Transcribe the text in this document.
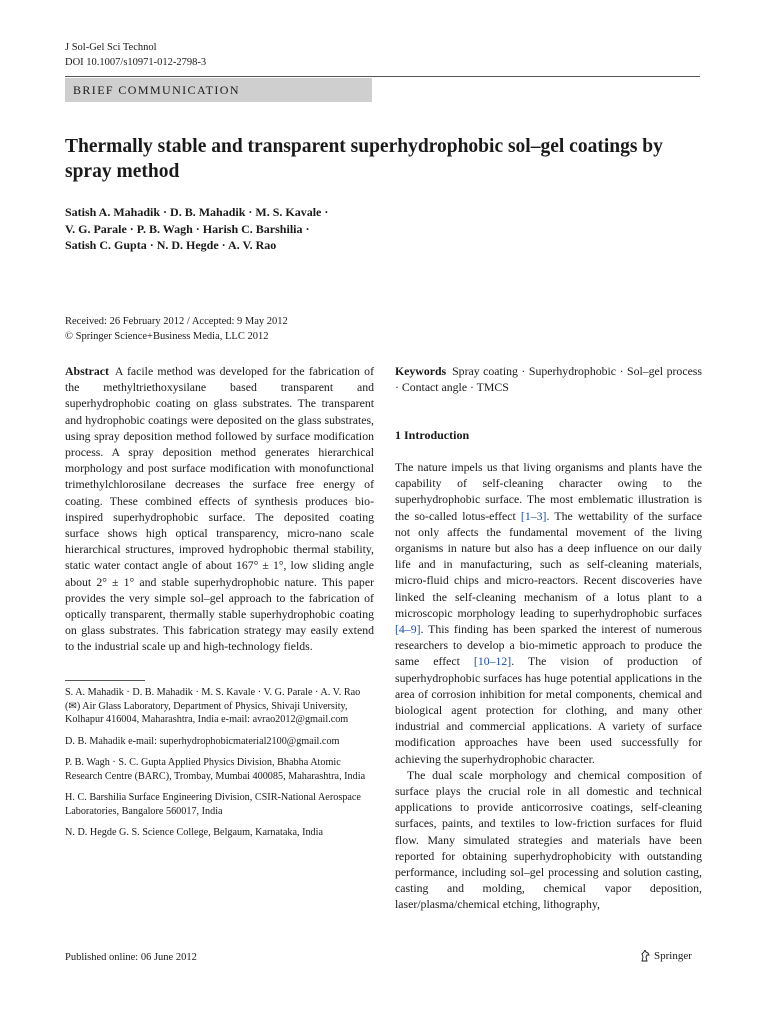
J Sol-Gel Sci Technol
DOI 10.1007/s10971-012-2798-3
BRIEF COMMUNICATION
Thermally stable and transparent superhydrophobic sol–gel coatings by spray method
Satish A. Mahadik · D. B. Mahadik · M. S. Kavale ·
V. G. Parale · P. B. Wagh · Harish C. Barshilia ·
Satish C. Gupta · N. D. Hegde · A. V. Rao
Received: 26 February 2012 / Accepted: 9 May 2012
© Springer Science+Business Media, LLC 2012
Abstract A facile method was developed for the fabrication of the methyltriethoxysilane based transparent and superhydrophobic coating on glass substrates. The transparent and hydrophobic coatings were deposited on the glass substrates, using spray deposition method followed by surface modification process. A spray deposition method generates hierarchical morphology and post surface modification with monofunctional trimethylchlorosilane decreases the surface free energy of coating. These combined effects of synthesis produces bio-inspired superhydrophobic surface. The deposited coating surface shows high optical transparency, micro-nano scale hierarchical structures, improved hydrophobic thermal stability, static water contact angle of about 167° ± 1°, low sliding angle about 2° ± 1° and stable superhydrophobic nature. This paper provides the very simple sol–gel approach to the fabrication of optically transparent, thermally stable superhydrophobic coating on glass substrates. This fabrication strategy may easily extend to the industrial scale up and high-technology fields.
S. A. Mahadik · D. B. Mahadik · M. S. Kavale · V. G. Parale · A. V. Rao (✉) Air Glass Laboratory, Department of Physics, Shivaji University, Kolhapur 416004, Maharashtra, India e-mail: avrao2012@gmail.com
D. B. Mahadik e-mail: superhydrophobicmaterial2100@gmail.com
P. B. Wagh · S. C. Gupta Applied Physics Division, Bhabha Atomic Research Centre (BARC), Trombay, Mumbai 400085, Maharashtra, India
H. C. Barshilia Surface Engineering Division, CSIR-National Aerospace Laboratories, Bangalore 560017, India
N. D. Hegde G. S. Science College, Belgaum, Karnataka, India
Keywords Spray coating · Superhydrophobic · Sol–gel process · Contact angle · TMCS
1 Introduction

The nature impels us that living organisms and plants have the capability of self-cleaning character owing to the superhydrophobic surface. The most emblematic illustration is the so-called lotus-effect [1–3]. The wettability of the surface not only affects the fundamental movement of the living organisms in nature but also has a deep influence on our daily life and in manufacturing, such as self-cleaning materials, micro-fluid chips and micro-reactors. Recent discoveries have linked the self-cleaning mechanism of a lotus plant to a microscopic morphology leading to superhydrophobic surfaces [4–9]. This finding has been sparked the interest of numerous researchers to develop a bio-mimetic approach to produce the same effect [10–12]. The vision of production of superhydrophobic surfaces has huge potential applications in the area of corrosion inhibition for metal components, chemical and biological agent protection for clothing, and many other industrial and commercial applications. A variety of surface modification approaches have been used successfully for achieving the superhydrophobic character.

The dual scale morphology and chemical composition of surface plays the crucial role in all domestic and technical applications to provide anticorrosive coatings, self-cleaning surfaces, paints, and textiles to low-friction surfaces for fluid flow. Many simulated strategies and materials have been reported for obtaining superhydrophobicity with outstanding performance, including sol–gel processing and solution casting, casting and molding, chemical vapor deposition, laser/plasma/chemical etching, lithography,

Published online: 06 June 2012	Springer
